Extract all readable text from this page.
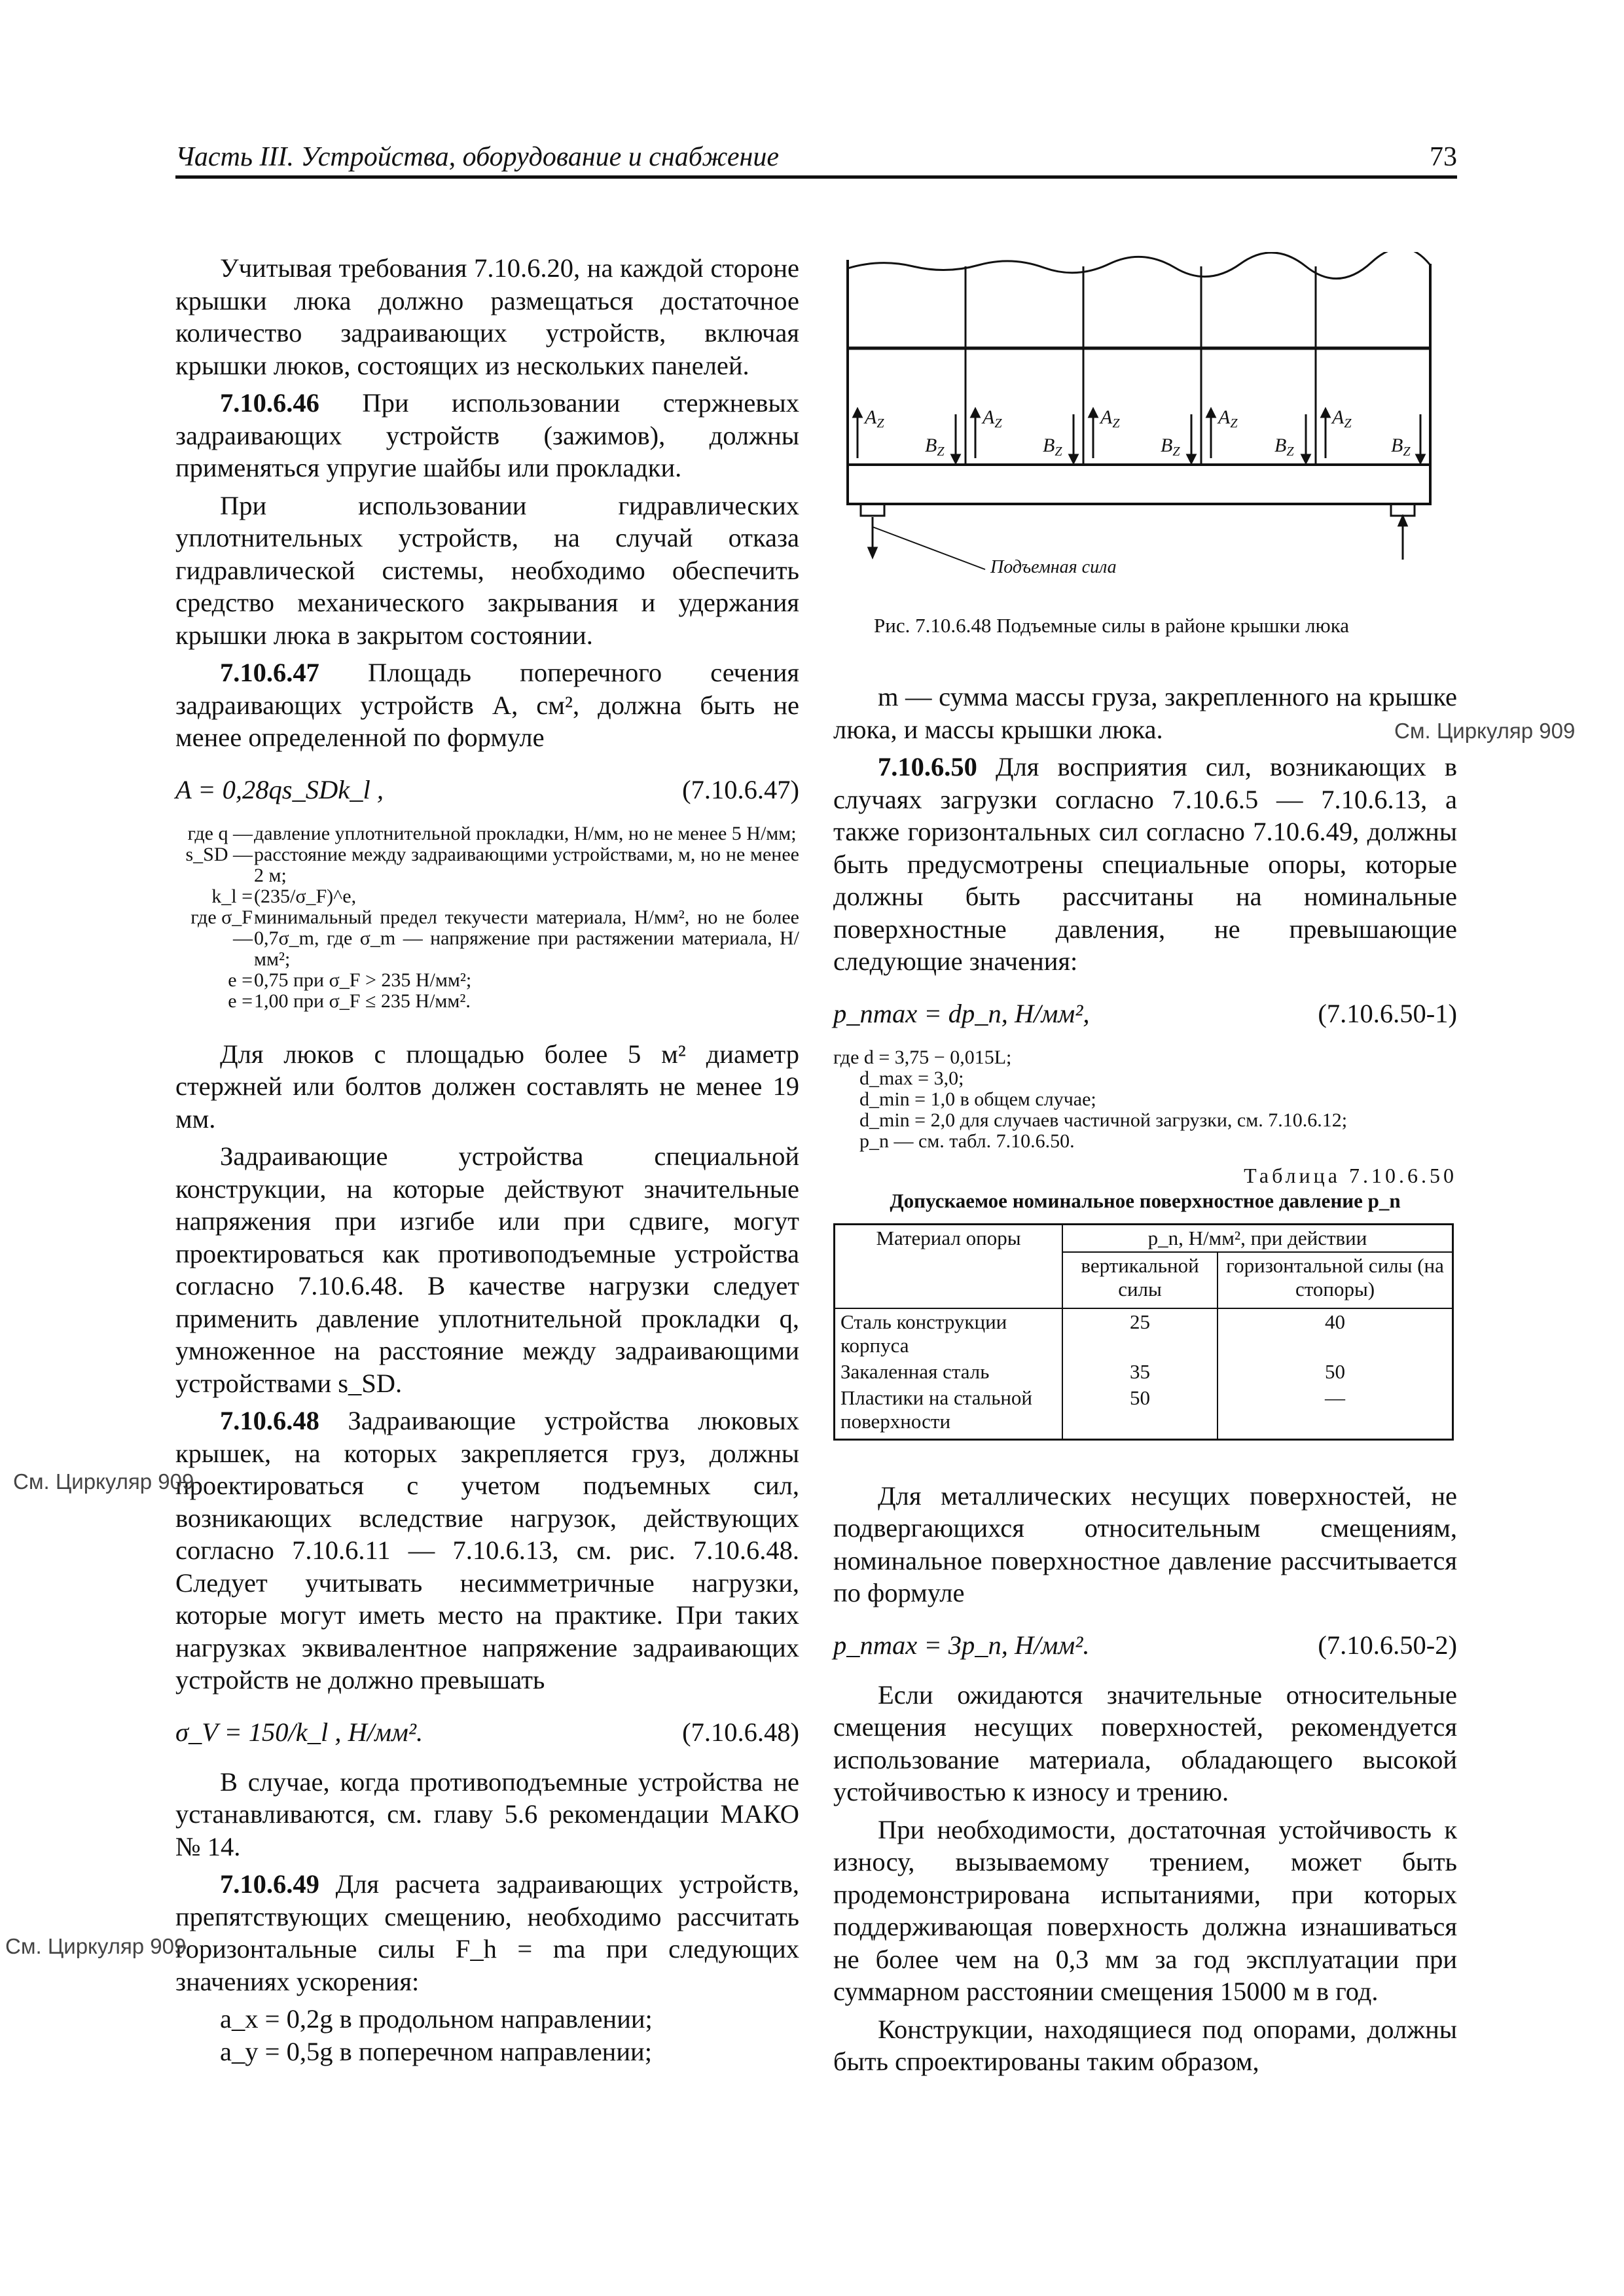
Часть III. Устройства, оборудование и снабжение	73

Учитывая требования 7.10.6.20, на каждой стороне крышки люка должно размещаться достаточное количество задраивающих устройств, включая крышки люков, состоящих из нескольких панелей.

7.10.6.46 При использовании стержневых задраивающих устройств (зажимов), должны применяться упругие шайбы или прокладки.

При использовании гидравлических уплотнительных устройств, на случай отказа гидравлической системы, необходимо обеспечить средство механического закрывания и удержания крышки люка в закрытом состоянии.

7.10.6.47 Площадь поперечного сечения задраивающих устройств A, см², должна быть не менее определенной по формуле

A = 0,28qs_SDk_l ,	(7.10.6.47)
где q — давление уплотнительной прокладки, Н/мм, но не менее 5 Н/мм;
s_SD — расстояние между задраивающими устройствами, м, но не менее 2 м;
k_l = (235/σ_F)^e,
где σ_F —
минимальный предел текучести материала, Н/мм², но не более 0,7σ_m, где σ_m — напряжение при растяжении материала, Н/мм²;
e = 0,75 при σ_F > 235 Н/мм²;
e = 1,00 при σ_F ≤ 235 Н/мм².

Для люков с площадью более 5 м² диаметр стержней или болтов должен составлять не менее 19 мм.

Задраивающие устройства специальной конструкции, на которые действуют значительные напряжения при изгибе или при сдвиге, могут проектироваться как противоподъемные устройства согласно 7.10.6.48. В качестве нагрузки следует применить давление уплотнительной прокладки q, умноженное на расстояние между задраивающими устройствами s_SD.

7.10.6.48 Задраивающие устройства люковых крышек, на которых закрепляется груз, должны проектироваться с учетом подъемных сил, возникающих вследствие нагрузок, действующих согласно 7.10.6.11 — 7.10.6.13, см. рис. 7.10.6.48. Следует учитывать несимметричные нагрузки, которые могут иметь место на практике. При таких нагрузках эквивалентное напряжение задраивающих устройств не должно превышать

σ_V = 150/k_l , Н/мм².	(7.10.6.48)

В случае, когда противоподъемные устройства не устанавливаются, см. главу 5.6 рекомендации МАКО № 14.

7.10.6.49 Для расчета задраивающих устройств, препятствующих смещению, необходимо рассчитать горизонтальные силы F_h = ma при следующих значениях ускорения:

a_x = 0,2g в продольном направлении;

a_y = 0,5g в поперечном направлении;

См. Циркуляр 909
См. Циркуляр 909
См. Циркуляр 909
$A_Z$
$B_Z$
$A_Z$
$B_Z$
$A_Z$
$B_Z$
$A_Z$
$B_Z$
$A_Z$
$B_Z$
Подъемная сила
Рис. 7.10.6.48 Подъемные силы в районе крышки люка

m — сумма массы груза, закрепленного на крышке люка, и массы крышки люка.

7.10.6.50 Для восприятия сил, возникающих в случаях загрузки согласно 7.10.6.5 — 7.10.6.13, а также горизонтальных сил согласно 7.10.6.49, должны быть предусмотрены специальные опоры, которые должны быть рассчитаны на номинальные поверхностные давления, не превышающие следующие значения:

p_nmax = dp_n, Н/мм²,	(7.10.6.50-1)
где d = 3,75 − 0,015L;
d_max = 3,0;
d_min = 1,0 в общем случае;
d_min = 2,0 для случаев частичной загрузки, см. 7.10.6.12;
p_n — см. табл. 7.10.6.50.
Таблица 7.10.6.50
Допускаемое номинальное поверхностное давление p_n
Материал опоры	p_n, Н/мм², при действии	
	вертикальной силы	горизонтальной силы (на стопоры)
Сталь конструкции корпуса	25	40
Закаленная сталь	35	50
Пластики на стальной поверхности	50	—

Для металлических несущих поверхностей, не подвергающихся относительным смещениям, номинальное поверхностное давление рассчитывается по формуле

p_nmax = 3p_n, Н/мм².	(7.10.6.50-2)

Если ожидаются значительные относительные смещения несущих поверхностей, рекомендуется использование материала, обладающего высокой устойчивостью к износу и трению.

При необходимости, достаточная устойчивость к износу, вызываемому трением, может быть продемонстрирована испытаниями, при которых поддерживающая поверхность должна изнашиваться не более чем на 0,3 мм за год эксплуатации при суммарном расстоянии смещения 15000 м в год.

Конструкции, находящиеся под опорами, должны быть спроектированы таким образом,
